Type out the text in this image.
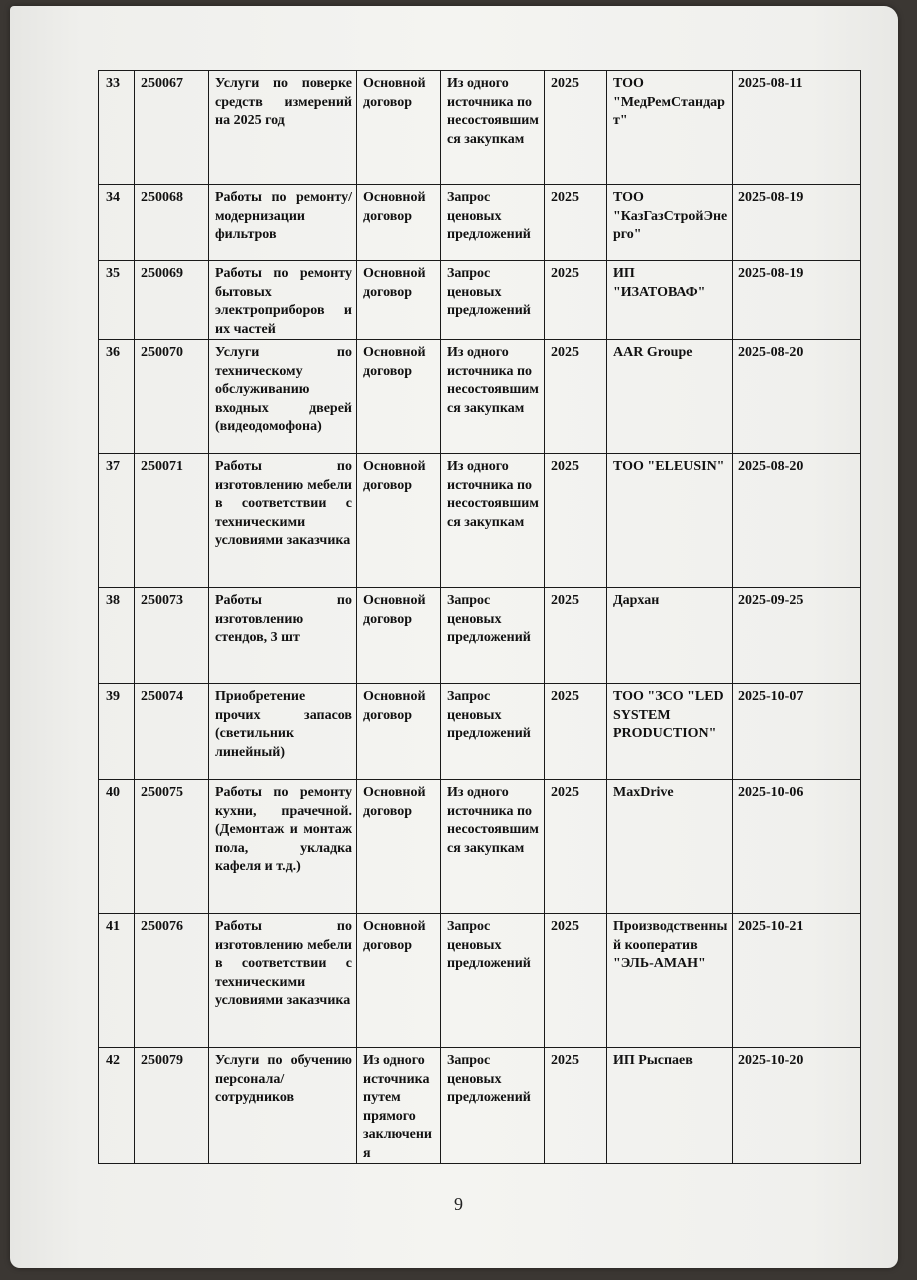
33	250067	Услуги по поверке средств измерений на 2025 год	Основной договор	Из одного источника по несостоявшимся закупкам	2025	ТОО "МедРемСтандарт"	2025-08-11
34	250068	Работы по ремонту/модернизации фильтров	Основной договор	Запрос ценовых предложений	2025	ТОО "КазГазСтройЭнерго"	2025-08-19
35	250069	Работы по ремонту бытовых электроприборов и их частей	Основной договор	Запрос ценовых предложений	2025	ИП "ИЗАТОВАФ"	2025-08-19
36	250070	Услуги по техническому обслуживанию входных дверей (видеодомофона)	Основной договор	Из одного источника по несостоявшимся закупкам	2025	AAR Groupe	2025-08-20
37	250071	Работы по изготовлению мебели в соответствии с техническими условиями заказчика	Основной договор	Из одного источника по несостоявшимся закупкам	2025	ТОО "ELEUSIN"	2025-08-20
38	250073	Работы по изготовлению стендов, 3 шт	Основной договор	Запрос ценовых предложений	2025	Дархан	2025-09-25
39	250074	Приобретение прочих запасов (светильник линейный)	Основной договор	Запрос ценовых предложений	2025	ТОО "ЗСО "LED SYSTEM PRODUCTION"	2025-10-07
40	250075	Работы по ремонту кухни, прачечной. (Демонтаж и монтаж пола, укладка кафеля и т.д.)	Основной договор	Из одного источника по несостоявшимся закупкам	2025	MaxDrive	2025-10-06
41	250076	Работы по изготовлению мебели в соответствии с техническими условиями заказчика	Основной договор	Запрос ценовых предложений	2025	Производственный кооператив "ЭЛЬ-АМАН"	2025-10-21
42	250079	Услуги по обучению персонала/сотрудников	Из одного источника путем прямого заключения	Запрос ценовых предложений	2025	ИП Рыспаев	2025-10-20
9
